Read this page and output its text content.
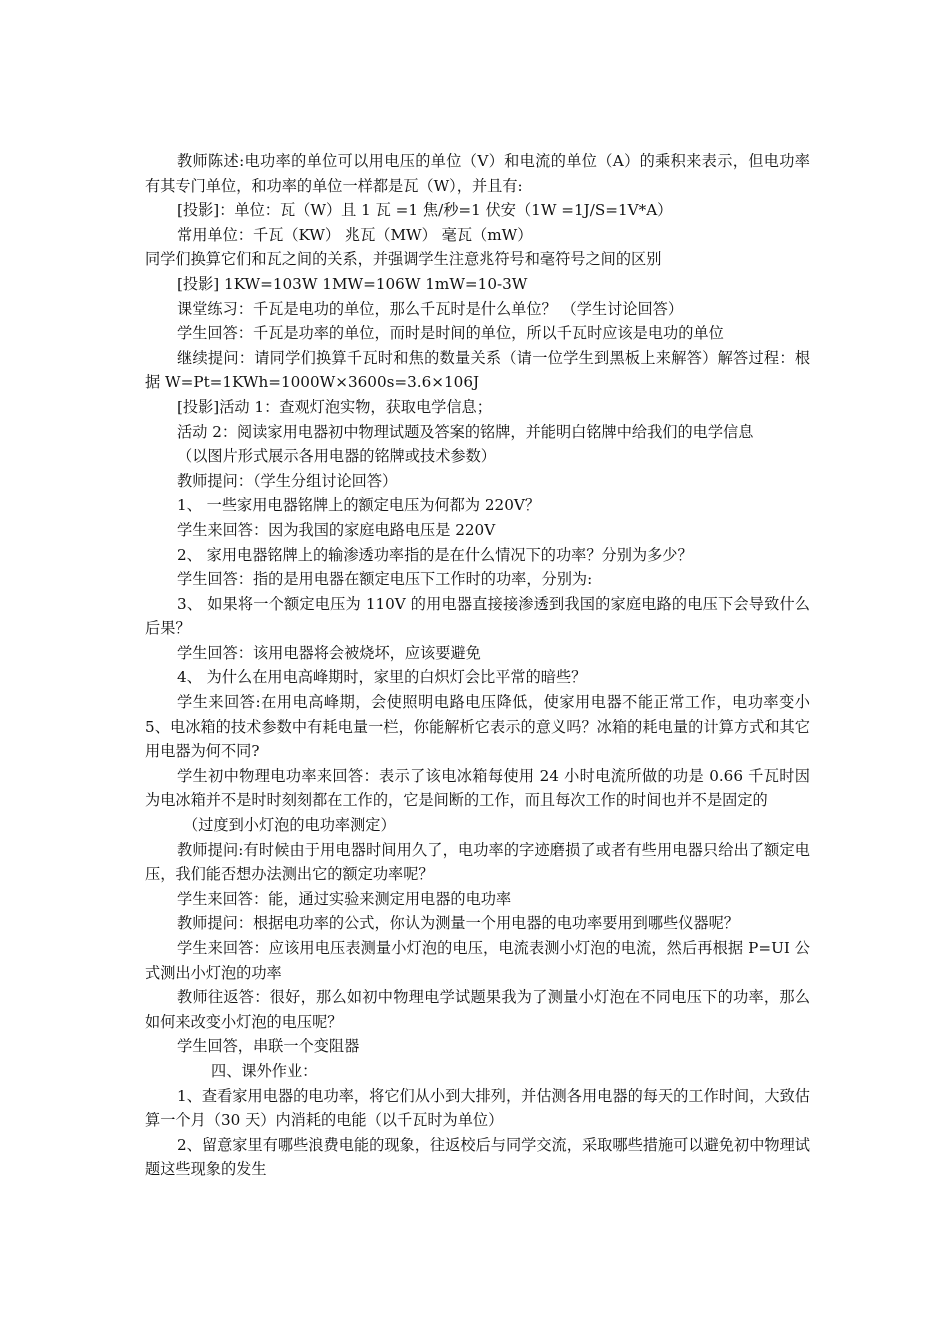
教师陈述:电功率的单位可以用电压的单位（V）和电流的单位（A）的乘积来表示，但电功率有其专门单位，和功率的单位一样都是瓦（W），并且有:

[投影]：单位：瓦（W）且 1 瓦 =1 焦/秒=1 伏安（1W =1J/S=1V*A）

常用单位：千瓦（KW） 兆瓦（MW） 毫瓦（mW）

同学们换算它们和瓦之间的关系，并强调学生注意兆符号和毫符号之间的区别

[投影] 1KW=103W 1MW=106W 1mW=10-3W

课堂练习：千瓦是电功的单位，那么千瓦时是什么单位？ （学生讨论回答）

学生回答：千瓦是功率的单位，而时是时间的单位，所以千瓦时应该是电功的单位

继续提问：请同学们换算千瓦时和焦的数量关系（请一位学生到黑板上来解答）解答过程：根据 W=Pt=1KWh=1000W×3600s=3.6×106J

[投影]活动 1：查观灯泡实物，获取电学信息；

活动 2：阅读家用电器初中物理试题及答案的铭牌，并能明白铭牌中给我们的电学信息

（以图片形式展示各用电器的铭牌或技术参数）

教师提问：（学生分组讨论回答）

1、 一些家用电器铭牌上的额定电压为何都为 220V？

学生来回答：因为我国的家庭电路电压是 220V

2、 家用电器铭牌上的输渗透功率指的是在什么情况下的功率？分别为多少？

学生回答：指的是用电器在额定电压下工作时的功率，分别为:

3、 如果将一个额定电压为 110V 的用电器直接接渗透到我国的家庭电路的电压下会导致什么后果？

学生回答：该用电器将会被烧坏，应该要避免

4、 为什么在用电高峰期时，家里的白炽灯会比平常的暗些？

学生来回答:在用电高峰期，会使照明电路电压降低，使家用电器不能正常工作，电功率变小 5、电冰箱的技术参数中有耗电量一栏，你能解析它表示的意义吗？冰箱的耗电量的计算方式和其它用电器为何不同?

学生初中物理电功率来回答：表示了该电冰箱每使用 24 小时电流所做的功是 0.66 千瓦时因为电冰箱并不是时时刻刻都在工作的，它是间断的工作，而且每次工作的时间也并不是固定的

（过度到小灯泡的电功率测定）

教师提问:有时候由于用电器时间用久了，电功率的字迹磨损了或者有些用电器只给出了额定电压，我们能否想办法测出它的额定功率呢？

学生来回答：能，通过实验来测定用电器的电功率

教师提问：根据电功率的公式，你认为测量一个用电器的电功率要用到哪些仪器呢？

学生来回答：应该用电压表测量小灯泡的电压，电流表测小灯泡的电流，然后再根据 P=UI 公式测出小灯泡的功率

教师往返答：很好，那么如初中物理电学试题果我为了测量小灯泡在不同电压下的功率，那么如何来改变小灯泡的电压呢？

学生回答，串联一个变阻器

四、课外作业：

1、查看家用电器的电功率，将它们从小到大排列，并估测各用电器的每天的工作时间，大致估算一个月（30 天）内消耗的电能（以千瓦时为单位）

2、留意家里有哪些浪费电能的现象，往返校后与同学交流，采取哪些措施可以避免初中物理试题这些现象的发生
